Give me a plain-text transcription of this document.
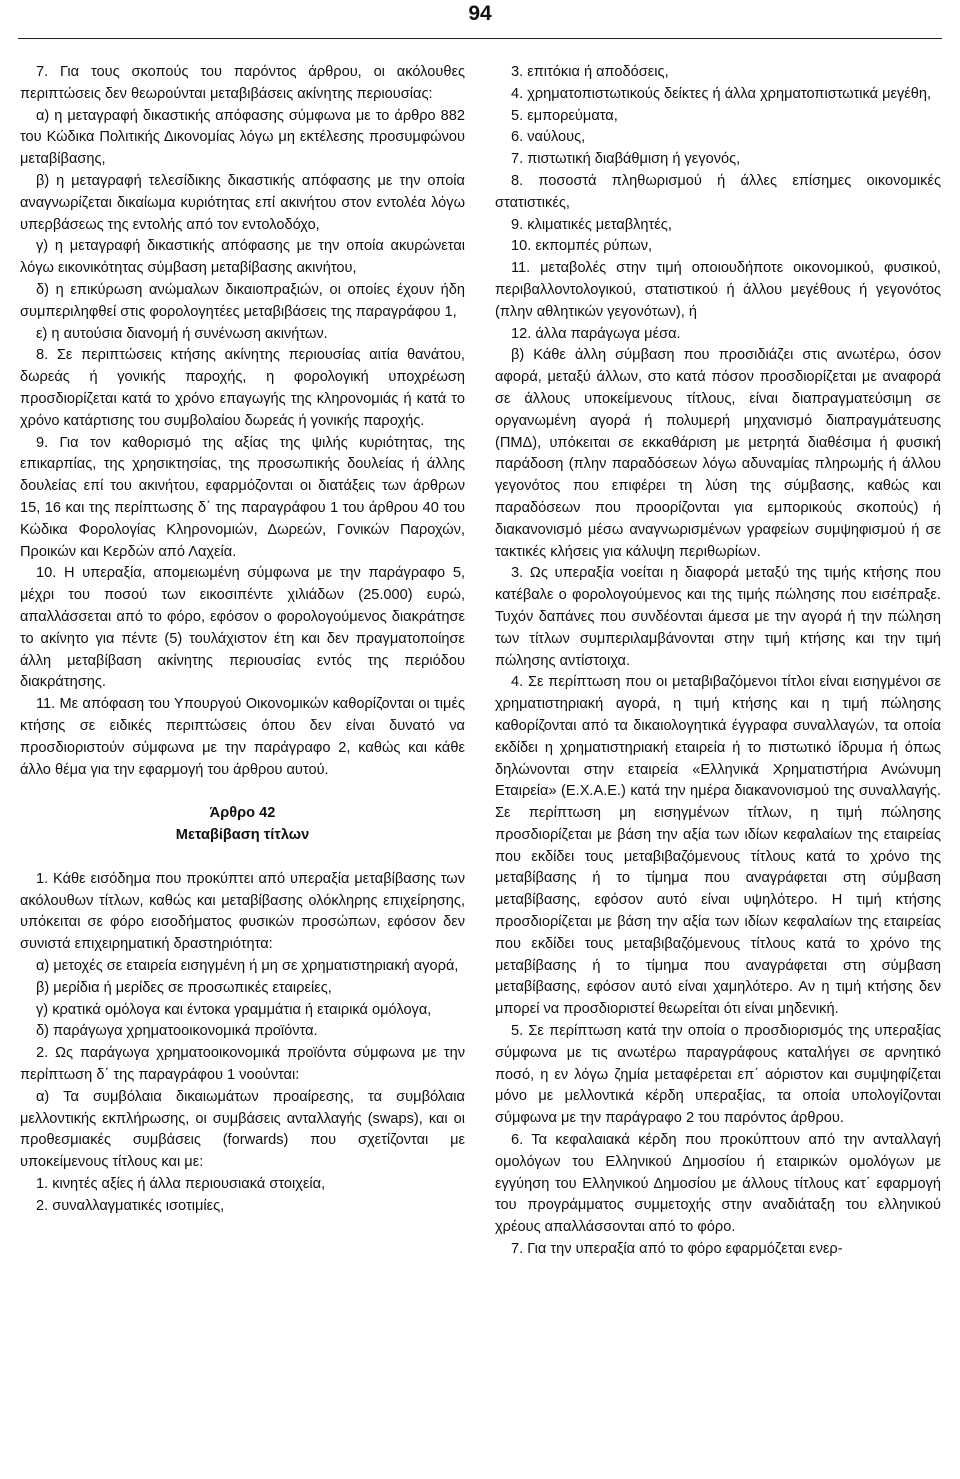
94

7. Για τους σκοπούς του παρόντος άρθρου, οι ακόλουθες περιπτώσεις δεν θεωρούνται μεταβιβάσεις ακίνητης περιουσίας:

α) η μεταγραφή δικαστικής απόφασης σύμφωνα με το άρθρο 882 του Κώδικα Πολιτικής Δικονομίας λόγω μη εκτέλεσης προσυμφώνου μεταβίβασης,

β) η μεταγραφή τελεσίδικης δικαστικής απόφασης με την οποία αναγνωρίζεται δικαίωμα κυριότητας επί ακινήτου στον εντολέα λόγω υπερβάσεως της εντολής από τον εντολοδόχο,

γ) η μεταγραφή δικαστικής απόφασης με την οποία ακυρώνεται λόγω εικονικότητας σύμβαση μεταβίβασης ακινήτου,

δ) η επικύρωση ανώμαλων δικαιοπραξιών, οι οποίες έχουν ήδη συμπεριληφθεί στις φορολογητέες μεταβιβάσεις της παραγράφου 1,

ε) η αυτούσια διανομή ή συνένωση ακινήτων.

8. Σε περιπτώσεις κτήσης ακίνητης περιουσίας αιτία θανάτου, δωρεάς ή γονικής παροχής, η φορολογική υποχρέωση προσδιορίζεται κατά το χρόνο επαγωγής της κληρονομιάς ή κατά το χρόνο κατάρτισης του συμβολαίου δωρεάς ή γονικής παροχής.

9. Για τον καθορισμό της αξίας της ψιλής κυριότητας, της επικαρπίας, της χρησικτησίας, της προσωπικής δουλείας ή άλλης δουλείας επί του ακινήτου, εφαρμόζονται οι διατάξεις των άρθρων 15, 16 και της περίπτωσης δ΄ της παραγράφου 1 του άρθρου 40 του Κώδικα Φορολογίας Κληρονομιών, Δωρεών, Γονικών Παροχών, Προικών και Κερδών από Λαχεία.

10. Η υπεραξία, απομειωμένη σύμφωνα με την παράγραφο 5, μέχρι του ποσού των εικοσιπέντε χιλιάδων (25.000) ευρώ, απαλλάσσεται από το φόρο, εφόσον ο φορολογούμενος διακράτησε το ακίνητο για πέντε (5) τουλάχιστον έτη και δεν πραγματοποίησε άλλη μεταβίβαση ακίνητης περιουσίας εντός της περιόδου διακράτησης.

11. Με απόφαση του Υπουργού Οικονομικών καθορίζονται οι τιμές κτήσης σε ειδικές περιπτώσεις όπου δεν είναι δυνατό να προσδιοριστούν σύμφωνα με την παράγραφο 2, καθώς και κάθε άλλο θέμα για την εφαρμογή του άρθρου αυτού.

Άρθρο 42
Μεταβίβαση τίτλων

1. Κάθε εισόδημα που προκύπτει από υπεραξία μεταβίβασης των ακόλουθων τίτλων, καθώς και μεταβίβασης ολόκληρης επιχείρησης, υπόκειται σε φόρο εισοδήματος φυσικών προσώπων, εφόσον δεν συνιστά επιχειρηματική δραστηριότητα:

α) μετοχές σε εταιρεία εισηγμένη ή μη σε χρηματιστηριακή αγορά,

β) μερίδια ή μερίδες σε προσωπικές εταιρείες,

γ) κρατικά ομόλογα και έντοκα γραμμάτια ή εταιρικά ομόλογα,

δ) παράγωγα χρηματοοικονομικά προϊόντα.

2. Ως παράγωγα χρηματοοικονομικά προϊόντα σύμφωνα με την περίπτωση δ΄ της παραγράφου 1 νοούνται:

α) Τα συμβόλαια δικαιωμάτων προαίρεσης, τα συμβόλαια μελλοντικής εκπλήρωσης, οι συμβάσεις ανταλλαγής (swaps), και οι προθεσμιακές συμβάσεις (forwards) που σχετίζονται με υποκείμενους τίτλους και με:

1. κινητές αξίες ή άλλα περιουσιακά στοιχεία,

2. συναλλαγματικές ισοτιμίες,

3. επιτόκια ή αποδόσεις,

4. χρηματοπιστωτικούς δείκτες ή άλλα χρηματοπιστωτικά μεγέθη,

5. εμπορεύματα,

6. ναύλους,

7. πιστωτική διαβάθμιση ή γεγονός,

8. ποσοστά πληθωρισμού ή άλλες επίσημες οικονομικές στατιστικές,

9. κλιματικές μεταβλητές,

10. εκπομπές ρύπων,

11. μεταβολές στην τιμή οποιουδήποτε οικονομικού, φυσικού, περιβαλλοντολογικού, στατιστικού ή άλλου μεγέθους ή γεγονότος (πλην αθλητικών γεγονότων), ή

12. άλλα παράγωγα μέσα.

β) Κάθε άλλη σύμβαση που προσιδιάζει στις ανωτέρω, όσον αφορά, μεταξύ άλλων, στο κατά πόσον προσδιορίζεται με αναφορά σε άλλους υποκείμενους τίτλους, είναι διαπραγματεύσιμη σε οργανωμένη αγορά ή πολυμερή μηχανισμό διαπραγμάτευσης (ΠΜΔ), υπόκειται σε εκκαθάριση με μετρητά διαθέσιμα ή φυσική παράδοση (πλην παραδόσεων λόγω αδυναμίας πληρωμής ή άλλου γεγονότος που επιφέρει τη λύση της σύμβασης, καθώς και παραδόσεων που προορίζονται για εμπορικούς σκοπούς) ή διακανονισμό μέσω αναγνωρισμένων γραφείων συμψηφισμού ή σε τακτικές κλήσεις για κάλυψη περιθωρίων.

3. Ως υπεραξία νοείται η διαφορά μεταξύ της τιμής κτήσης που κατέβαλε ο φορολογούμενος και της τιμής πώλησης που εισέπραξε. Τυχόν δαπάνες που συνδέονται άμεσα με την αγορά ή την πώληση των τίτλων συμπεριλαμβάνονται στην τιμή κτήσης και την τιμή πώλησης αντίστοιχα.

4. Σε περίπτωση που οι μεταβιβαζόμενοι τίτλοι είναι εισηγμένοι σε χρηματιστηριακή αγορά, η τιμή κτήσης και η τιμή πώλησης καθορίζονται από τα δικαιολογητικά έγγραφα συναλλαγών, τα οποία εκδίδει η χρηματιστηριακή εταιρεία ή το πιστωτικό ίδρυμα ή όπως δηλώνονται στην εταιρεία «Ελληνικά Χρηματιστήρια Ανώνυμη Εταιρεία» (Ε.Χ.Α.Ε.) κατά την ημέρα διακανονισμού της συναλλαγής. Σε περίπτωση μη εισηγμένων τίτλων, η τιμή πώλησης προσδιορίζεται με βάση την αξία των ιδίων κεφαλαίων της εταιρείας που εκδίδει τους μεταβιβαζόμενους τίτλους κατά το χρόνο της μεταβίβασης ή το τίμημα που αναγράφεται στη σύμβαση μεταβίβασης, εφόσον αυτό είναι υψηλότερο. Η τιμή κτήσης προσδιορίζεται με βάση την αξία των ιδίων κεφαλαίων της εταιρείας που εκδίδει τους μεταβιβαζόμενους τίτλους κατά το χρόνο της μεταβίβασης ή το τίμημα που αναγράφεται στη σύμβαση μεταβίβασης, εφόσον αυτό είναι χαμηλότερο. Αν η τιμή κτήσης δεν μπορεί να προσδιοριστεί θεωρείται ότι είναι μηδενική.

5. Σε περίπτωση κατά την οποία ο προσδιορισμός της υπεραξίας σύμφωνα με τις ανωτέρω παραγράφους καταλήγει σε αρνητικό ποσό, η εν λόγω ζημία μεταφέρεται επ΄ αόριστον και συμψηφίζεται μόνο με μελλοντικά κέρδη υπεραξίας, τα οποία υπολογίζονται σύμφωνα με την παράγραφο 2 του παρόντος άρθρου.

6. Τα κεφαλαιακά κέρδη που προκύπτουν από την ανταλλαγή ομολόγων του Ελληνικού Δημοσίου ή εταιρικών ομολόγων με εγγύηση του Ελληνικού Δημοσίου με άλλους τίτλους κατ΄ εφαρμογή του προγράμματος συμμετοχής στην αναδιάταξη του ελληνικού χρέους απαλλάσσονται από το φόρο.

7. Για την υπεραξία από το φόρο εφαρμόζεται ενερ-
